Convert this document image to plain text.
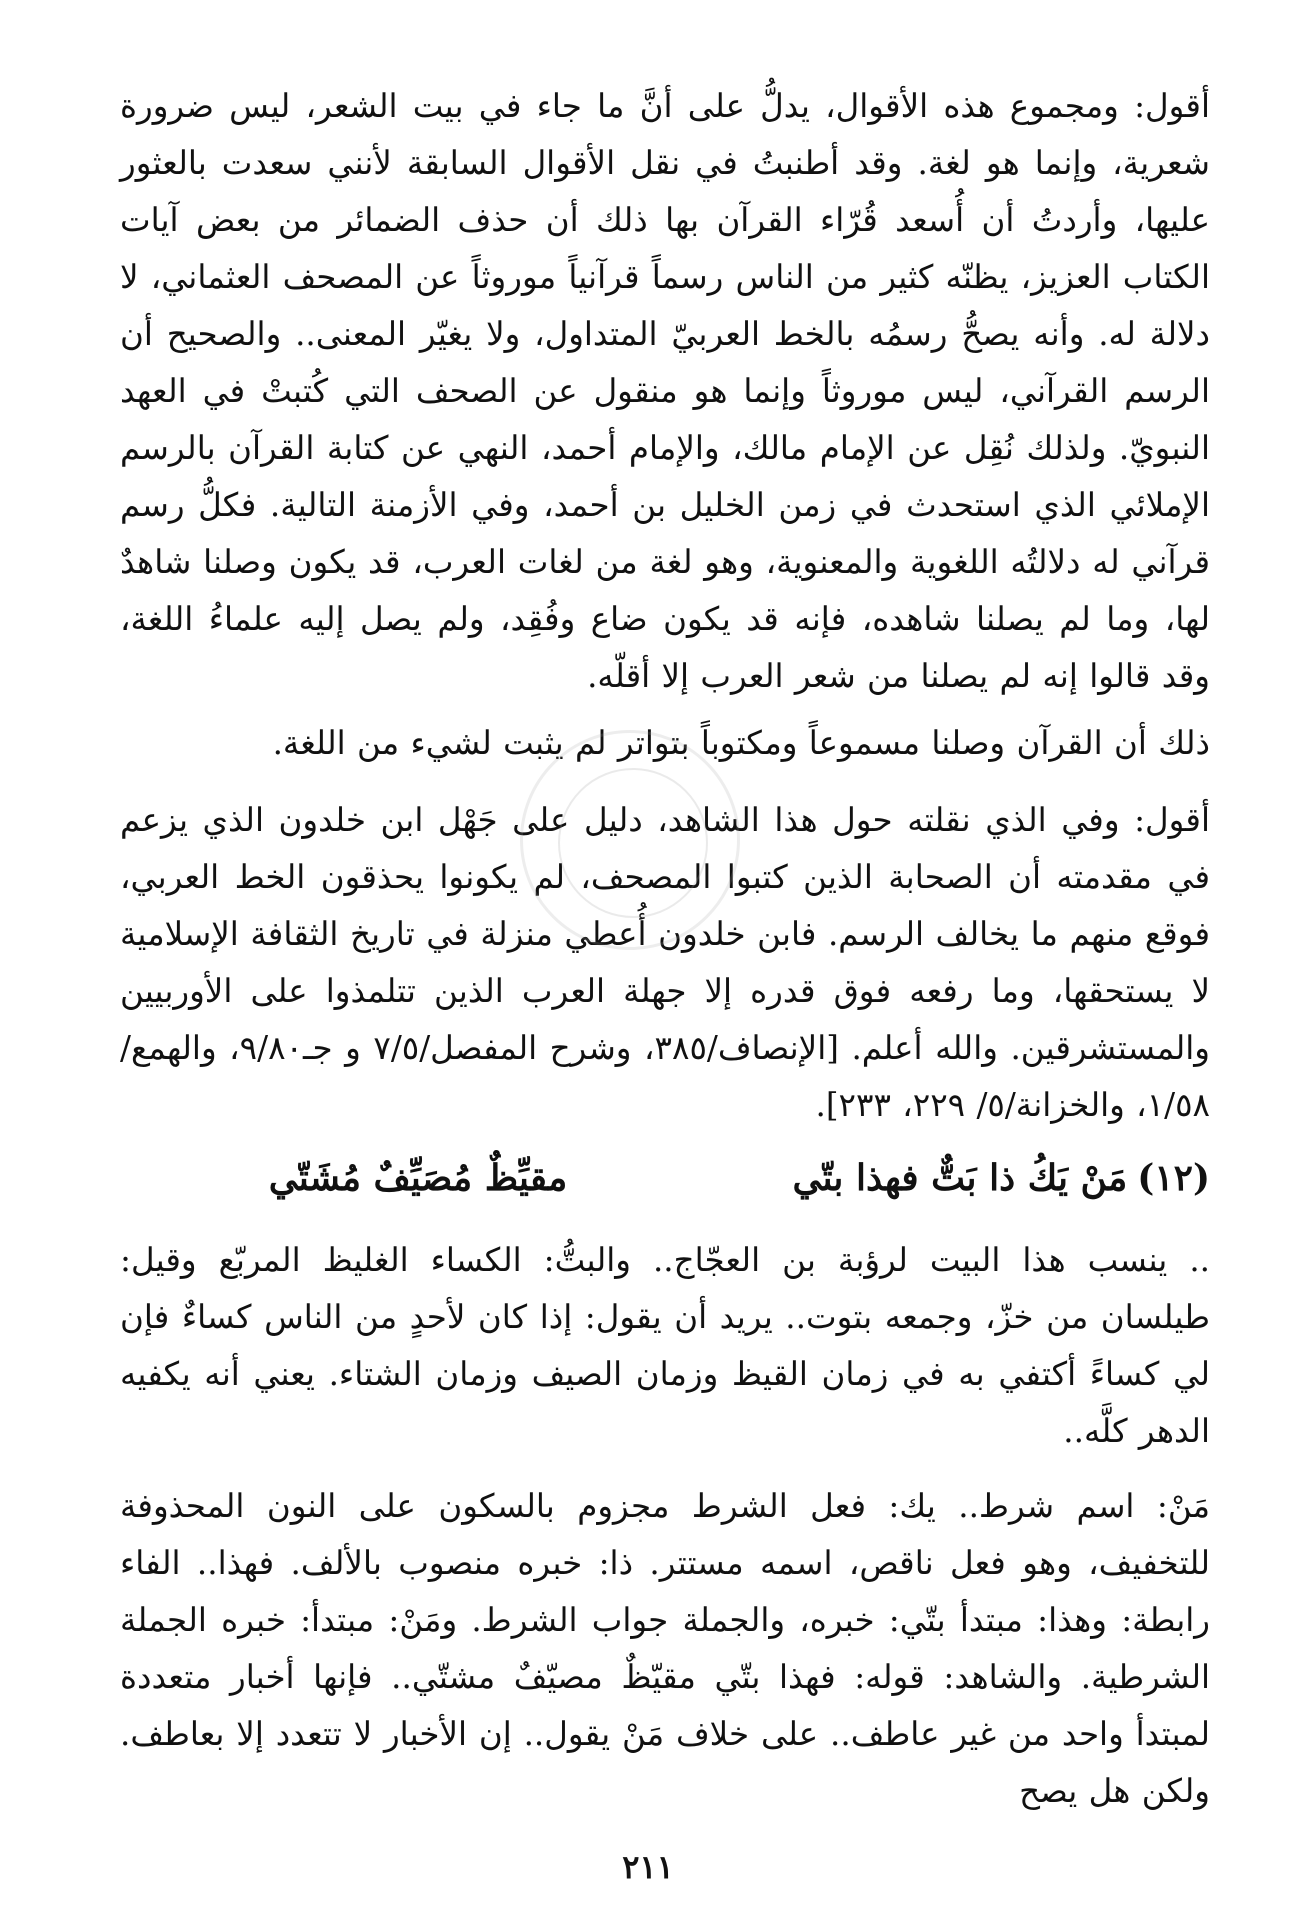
أقول: ومجموع هذه الأقوال، يدلُّ على أنَّ ما جاء في بيت الشعر، ليس ضرورة شعرية، وإنما هو لغة. وقد أطنبتُ في نقل الأقوال السابقة لأنني سعدت بالعثور عليها، وأردتُ أن أُسعد قُرّاء القرآن بها ذلك أن حذف الضمائر من بعض آيات الكتاب العزيز، يظنّه كثير من الناس رسماً قرآنياً موروثاً عن المصحف العثماني، لا دلالة له. وأنه يصحُّ رسمُه بالخط العربيّ المتداول، ولا يغيّر المعنى.. والصحيح أن الرسم القرآني، ليس موروثاً وإنما هو منقول عن الصحف التي كُتبتْ في العهد النبويّ. ولذلك نُقِل عن الإمام مالك، والإمام أحمد، النهي عن كتابة القرآن بالرسم الإملائي الذي استحدث في زمن الخليل بن أحمد، وفي الأزمنة التالية. فكلُّ رسم قرآني له دلالتُه اللغوية والمعنوية، وهو لغة من لغات العرب، قد يكون وصلنا شاهدٌ لها، وما لم يصلنا شاهده، فإنه قد يكون ضاع وفُقِد، ولم يصل إليه علماءُ اللغة، وقد قالوا إنه لم يصلنا من شعر العرب إلا أقلّه.

ذلك أن القرآن وصلنا مسموعاً ومكتوباً بتواتر لم يثبت لشيء من اللغة.

أقول: وفي الذي نقلته حول هذا الشاهد، دليل على جَهْل ابن خلدون الذي يزعم في مقدمته أن الصحابة الذين كتبوا المصحف، لم يكونوا يحذقون الخط العربي، فوقع منهم ما يخالف الرسم. فابن خلدون أُعطي منزلة في تاريخ الثقافة الإسلامية لا يستحقها، وما رفعه فوق قدره إلا جهلة العرب الذين تتلمذوا على الأوربيين والمستشرقين. والله أعلم. [الإنصاف/٣٨٥، وشرح المفصل/٧/٥ و جـ٩/٨٠، والهمع/١/٥٨، والخزانة/٥/ ٢٢٩، ٢٣٣].

(١٢)
مَنْ يَكُ ذا بَتٌّ فهذا بتّي
مقيِّظٌ مُصَيِّفٌ مُشَتّي

.. ينسب هذا البيت لرؤبة بن العجّاج.. والبتُّ: الكساء الغليظ المربّع وقيل: طيلسان من خزّ، وجمعه بتوت.. يريد أن يقول: إذا كان لأحدٍ من الناس كساءٌ فإن لي كساءً أكتفي به في زمان القيظ وزمان الصيف وزمان الشتاء. يعني أنه يكفيه الدهر كلَّه..

مَنْ: اسم شرط.. يك: فعل الشرط مجزوم بالسكون على النون المحذوفة للتخفيف، وهو فعل ناقص، اسمه مستتر. ذا: خبره منصوب بالألف. فهذا.. الفاء رابطة: وهذا: مبتدأ بتّي: خبره، والجملة جواب الشرط. ومَنْ: مبتدأ: خبره الجملة الشرطية. والشاهد: قوله: فهذا بتّي مقيّظٌ مصيّفٌ مشتّي.. فإنها أخبار متعددة لمبتدأ واحد من غير عاطف.. على خلاف مَنْ يقول.. إن الأخبار لا تتعدد إلا بعاطف. ولكن هل يصح

٢١١
